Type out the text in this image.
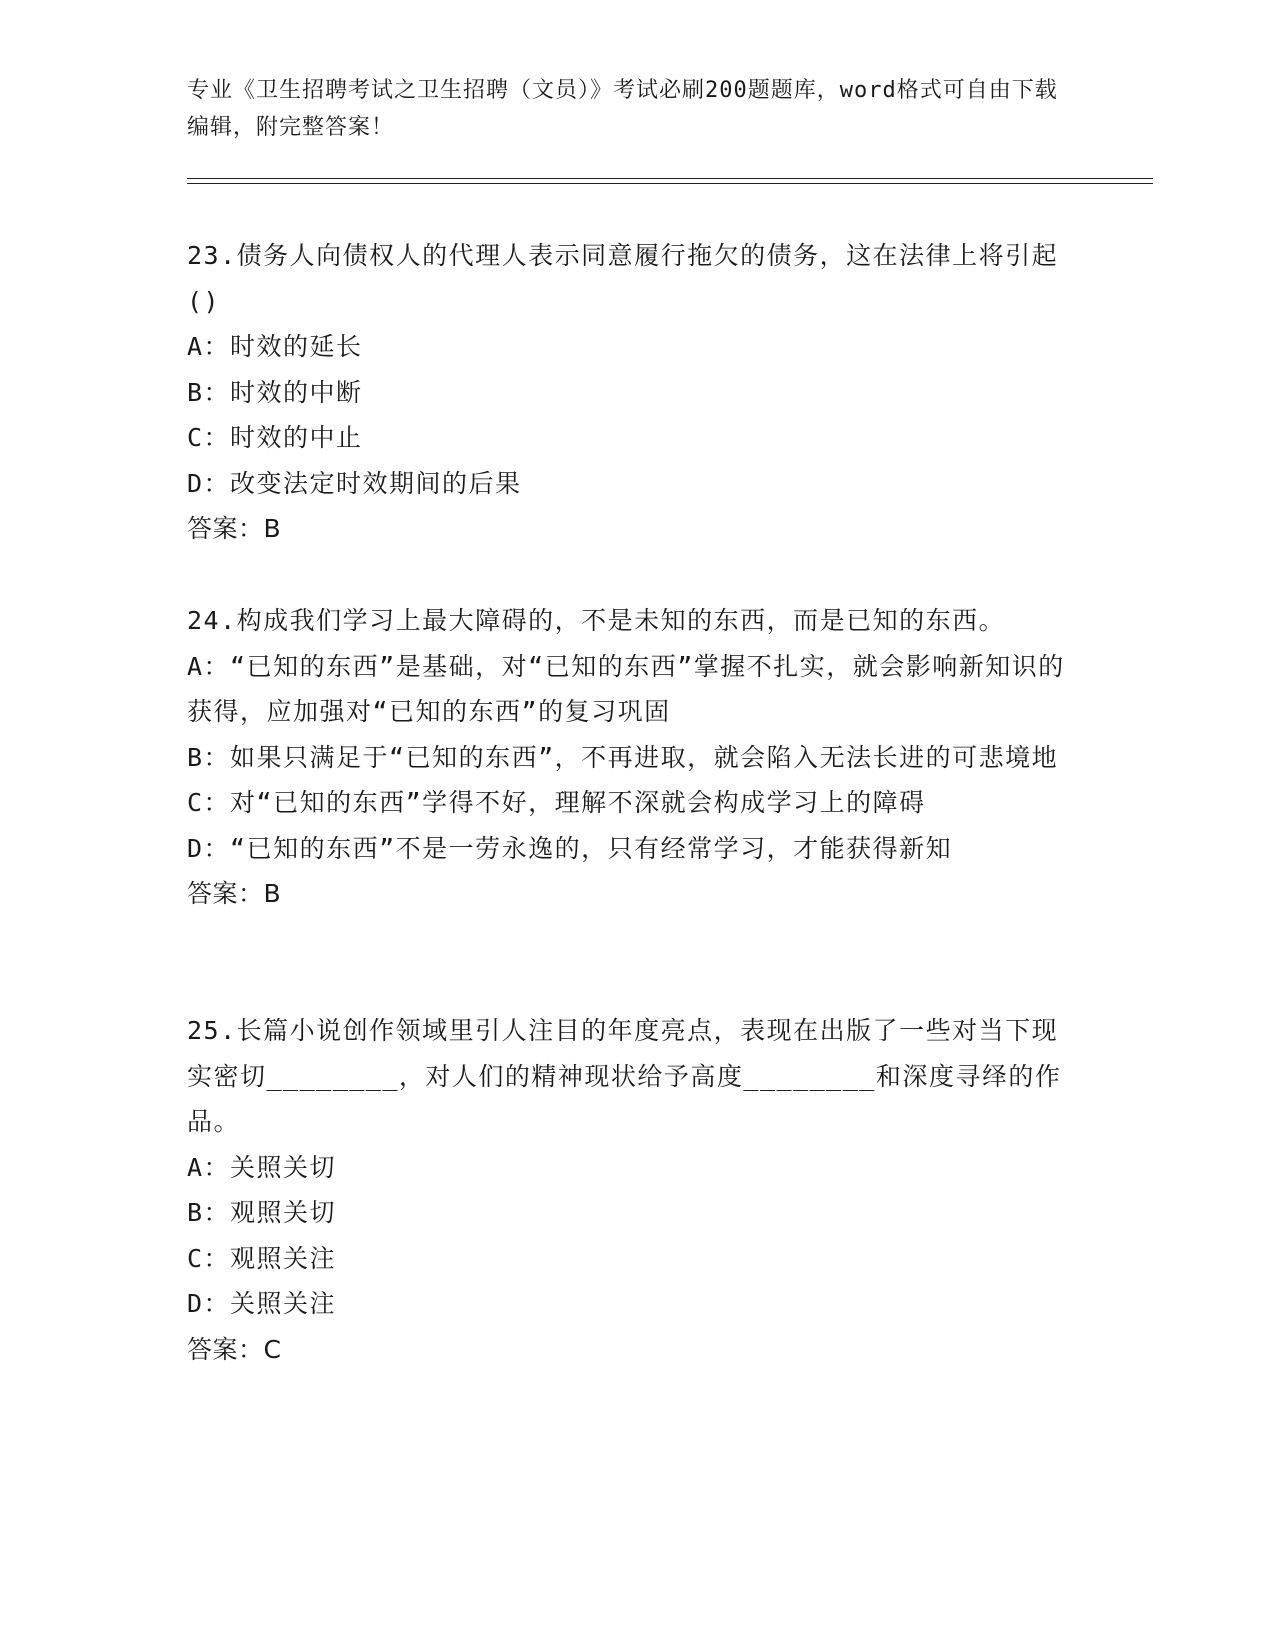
专业《卫生招聘考试之卫生招聘（文员）》考试必刷200题题库，word格式可自由下载编辑，附完整答案！

23.债务人向债权人的代理人表示同意履行拖欠的债务，这在法律上将引起()

A：时效的延长

B：时效的中断

C：时效的中止

D：改变法定时效期间的后果

答案：B

24.构成我们学习上最大障碍的，不是未知的东西，而是已知的东西。

A：“已知的东西”是基础，对“已知的东西”掌握不扎实，就会影响新知识的获得，应加强对“已知的东西”的复习巩固

B：如果只满足于“已知的东西”，不再进取，就会陷入无法长进的可悲境地

C：对“已知的东西”学得不好，理解不深就会构成学习上的障碍

D：“已知的东西”不是一劳永逸的，只有经常学习，才能获得新知

答案：B

25.长篇小说创作领域里引人注目的年度亮点，表现在出版了一些对当下现实密切________，对人们的精神现状给予高度________和深度寻绎的作品。

A：关照关切

B：观照关切

C：观照关注

D：关照关注

答案：C
